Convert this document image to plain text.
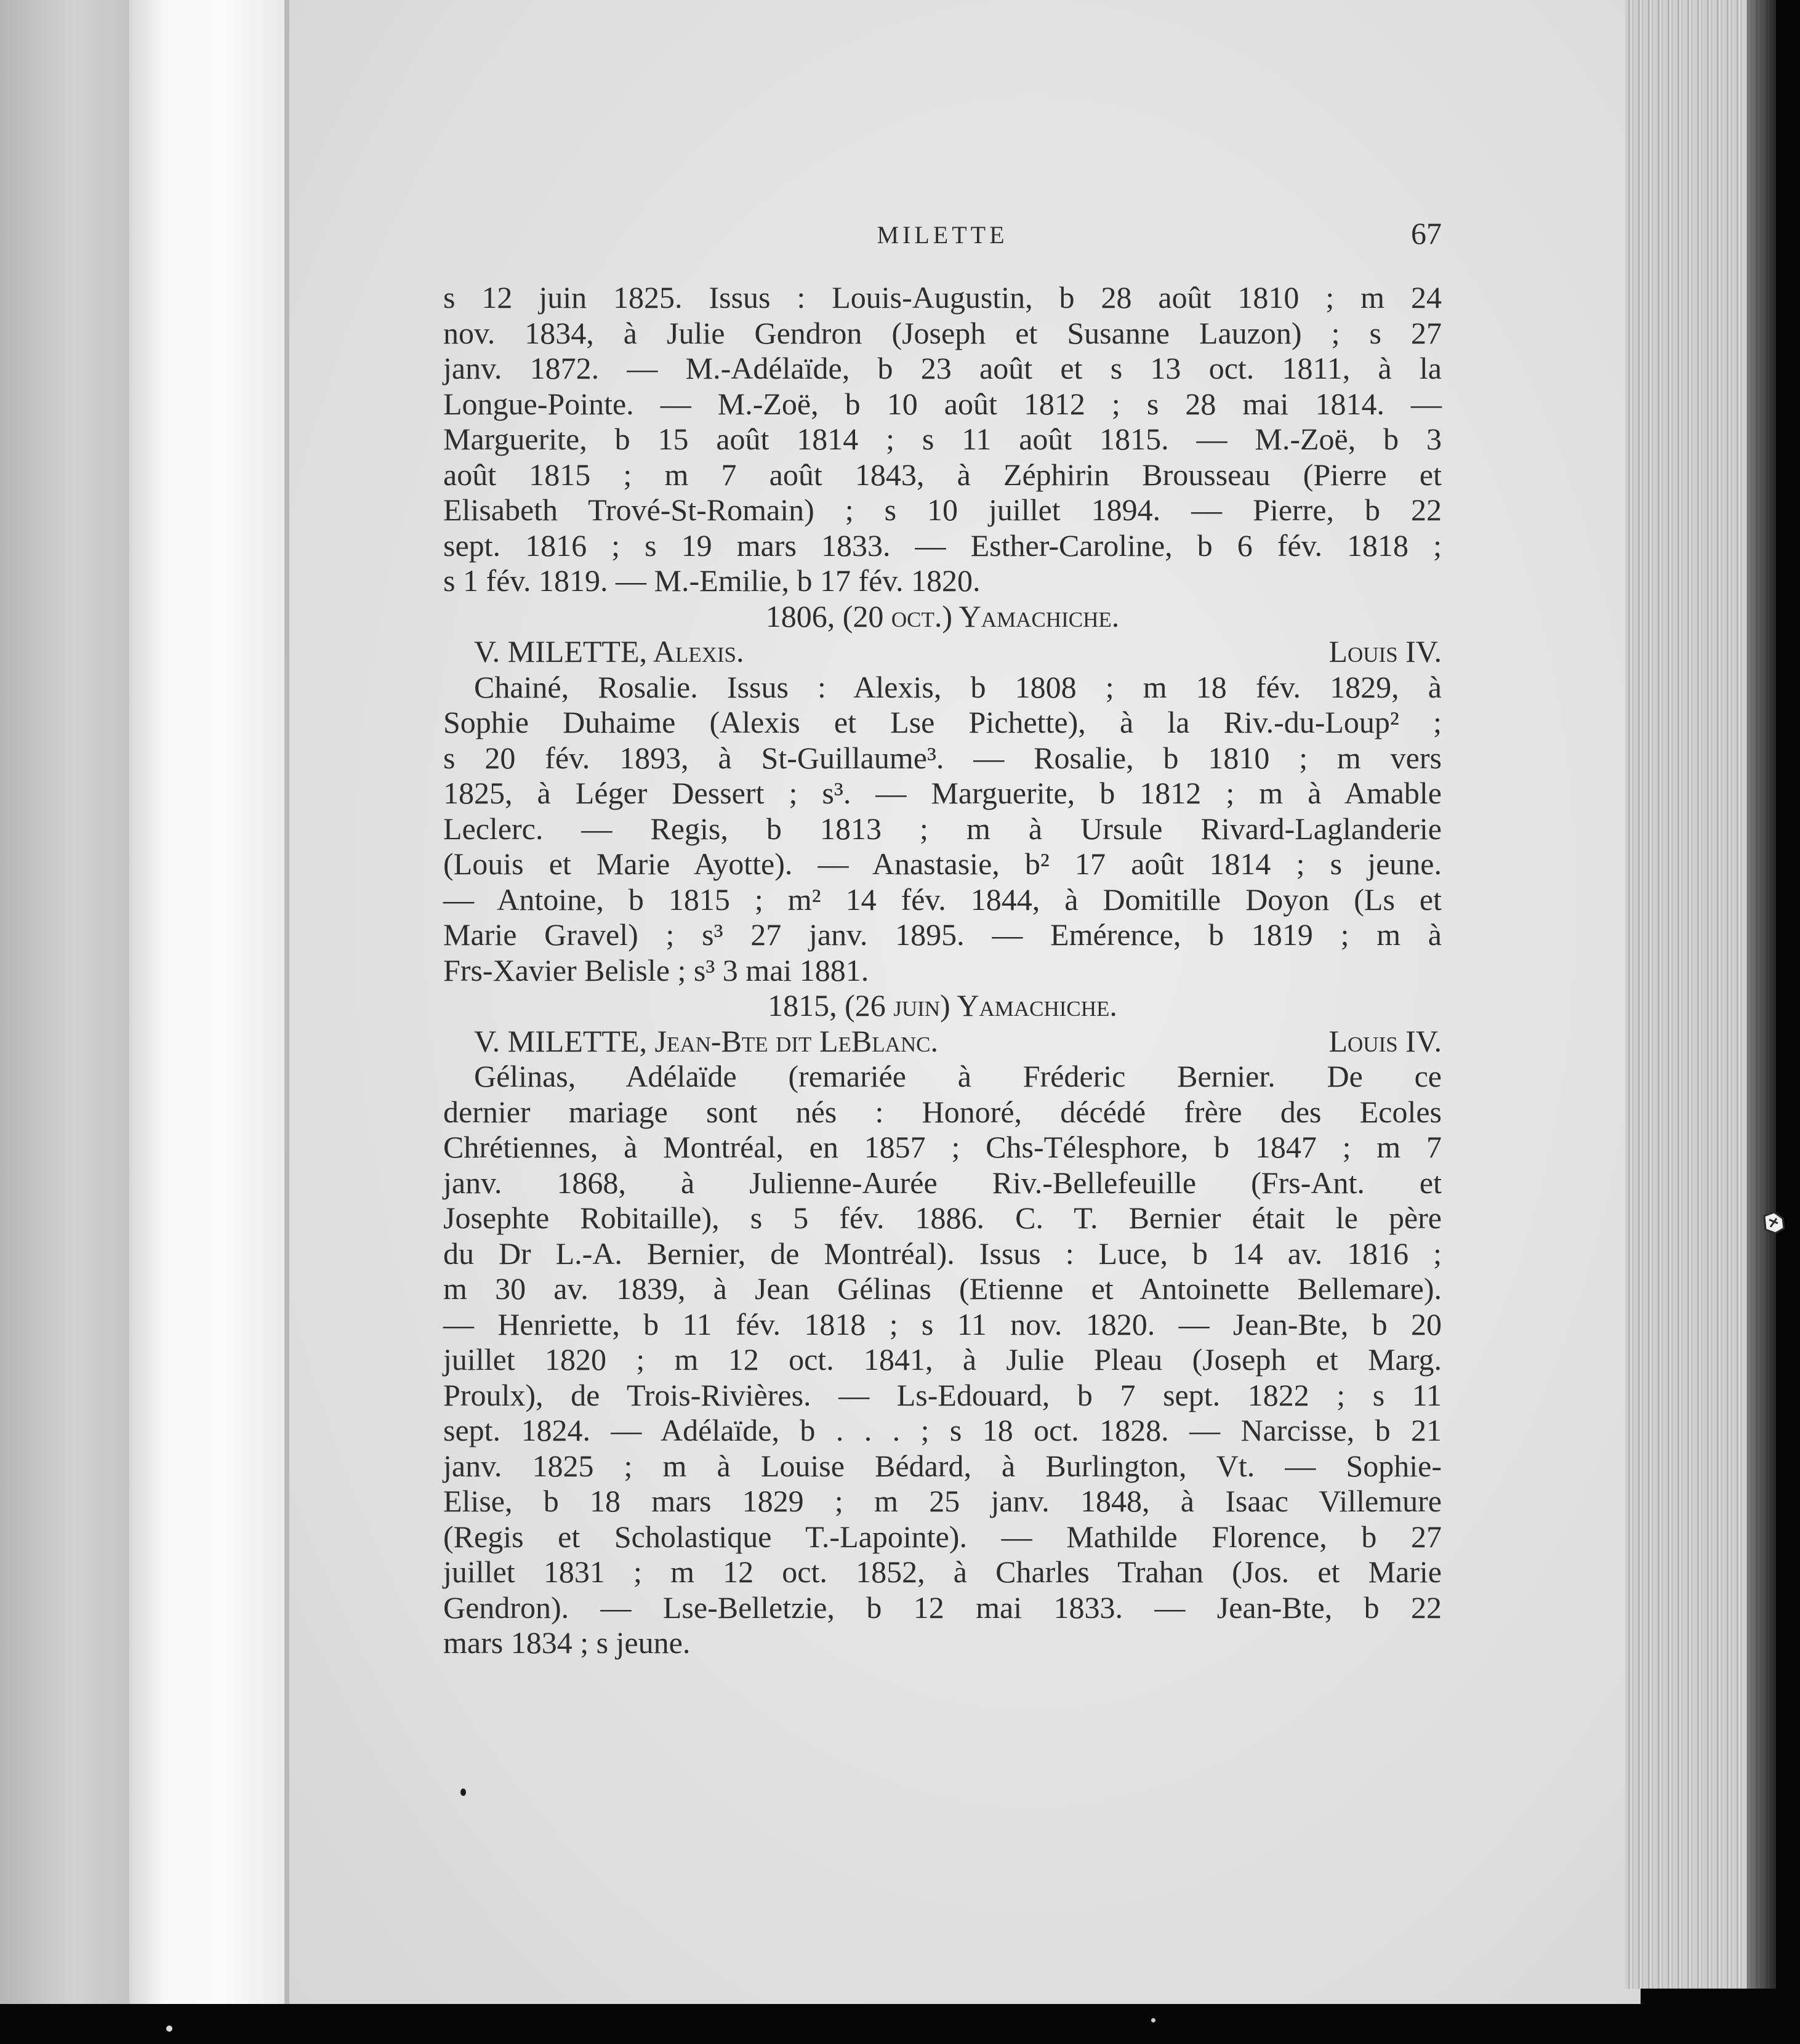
MILETTE	67
s 12 juin 1825. Issus : Louis-Augustin, b 28 août 1810 ; m 24
nov. 1834, à Julie Gendron (Joseph et Susanne Lauzon) ; s 27
janv. 1872. — M.-Adélaïde, b 23 août et s 13 oct. 1811, à la
Longue-Pointe. — M.-Zoë, b 10 août 1812 ; s 28 mai 1814. —
Marguerite, b 15 août 1814 ; s 11 août 1815. — M.-Zoë, b 3
août 1815 ; m 7 août 1843, à Zéphirin Brousseau (Pierre et
Elisabeth Trové-St-Romain) ; s 10 juillet 1894. — Pierre, b 22
sept. 1816 ; s 19 mars 1833. — Esther-Caroline, b 6 fév. 1818 ;
s 1 fév. 1819. — M.-Emilie, b 17 fév. 1820.
1806, (20 oct.) Yamachiche.
V. MILETTE, Alexis.	Louis IV.
Chainé, Rosalie. Issus : Alexis, b 1808 ; m 18 fév. 1829, à
Sophie Duhaime (Alexis et Lse Pichette), à la Riv.-du-Loup² ;
s 20 fév. 1893, à St-Guillaume³. — Rosalie, b 1810 ; m vers
1825, à Léger Dessert ; s³. — Marguerite, b 1812 ; m à Amable
Leclerc. — Regis, b 1813 ; m à Ursule Rivard-Laglanderie
(Louis et Marie Ayotte). — Anastasie, b² 17 août 1814 ; s jeune.
— Antoine, b 1815 ; m² 14 fév. 1844, à Domitille Doyon (Ls et
Marie Gravel) ; s³ 27 janv. 1895. — Emérence, b 1819 ; m à
Frs-Xavier Belisle ; s³ 3 mai 1881.
1815, (26 juin) Yamachiche.
V. MILETTE, Jean-Bte dit LeBlanc.	Louis IV.
Gélinas, Adélaïde (remariée à Fréderic Bernier. De ce
dernier mariage sont nés : Honoré, décédé frère des Ecoles
Chrétiennes, à Montréal, en 1857 ; Chs-Télesphore, b 1847 ; m 7
janv. 1868, à Julienne-Aurée Riv.-Bellefeuille (Frs-Ant. et
Josephte Robitaille), s 5 fév. 1886. C. T. Bernier était le père
du Dr L.-A. Bernier, de Montréal). Issus : Luce, b 14 av. 1816 ;
m 30 av. 1839, à Jean Gélinas (Etienne et Antoinette Bellemare).
— Henriette, b 11 fév. 1818 ; s 11 nov. 1820. — Jean-Bte, b 20
juillet 1820 ; m 12 oct. 1841, à Julie Pleau (Joseph et Marg.
Proulx), de Trois-Rivières. — Ls-Edouard, b 7 sept. 1822 ; s 11
sept. 1824. — Adélaïde, b . . . ; s 18 oct. 1828. — Narcisse, b 21
janv. 1825 ; m à Louise Bédard, à Burlington, Vt. — Sophie-
Elise, b 18 mars 1829 ; m 25 janv. 1848, à Isaac Villemure
(Regis et Scholastique T.-Lapointe). — Mathilde Florence, b 27
juillet 1831 ; m 12 oct. 1852, à Charles Trahan (Jos. et Marie
Gendron). — Lse-Belletzie, b 12 mai 1833. — Jean-Bte, b 22
mars 1834 ; s jeune.
